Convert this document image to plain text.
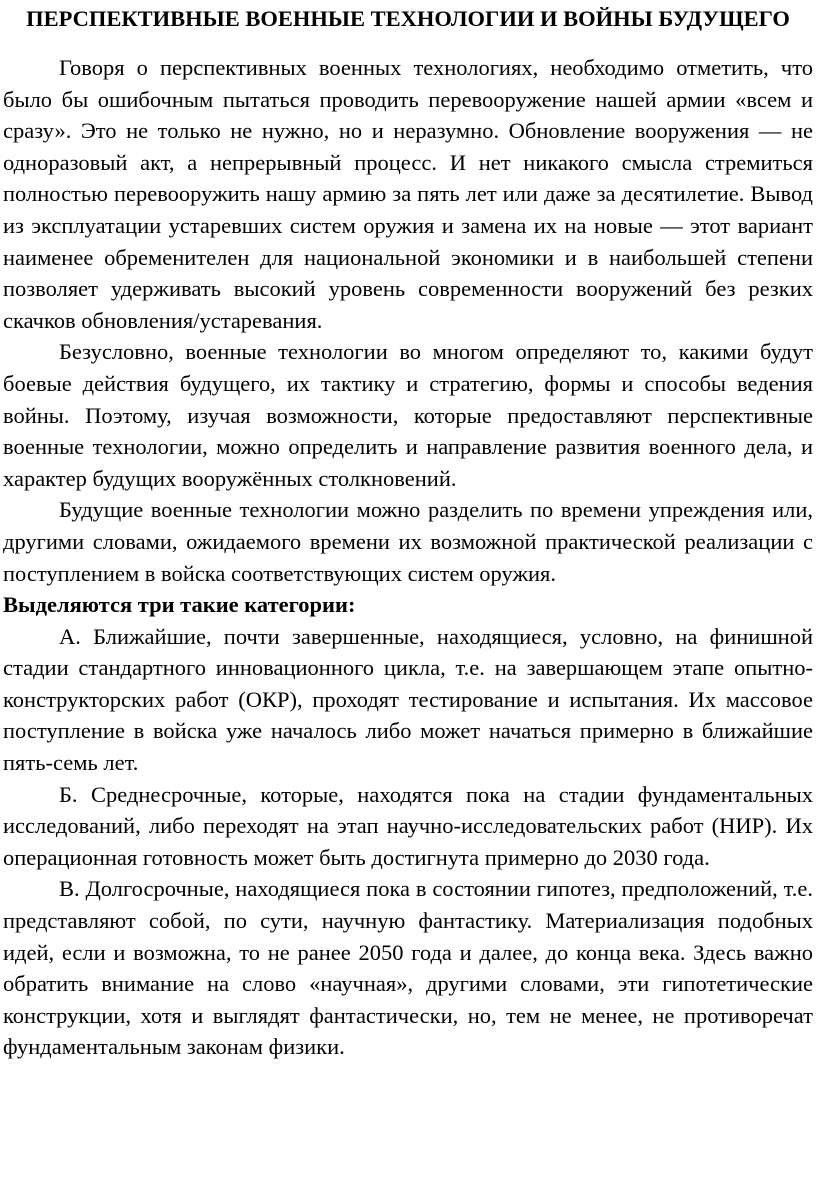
ПЕРСПЕКТИВНЫЕ ВОЕННЫЕ ТЕХНОЛОГИИ И ВОЙНЫ БУДУЩЕГО

Говоря о перспективных военных технологиях, необходимо отметить, что было бы ошибочным пытаться проводить перевооружение нашей армии «всем и сразу». Это не только не нужно, но и неразумно. Обновление вооружения — не одноразовый акт, а непрерывный процесс. И нет никакого смысла стремиться полностью перевооружить нашу армию за пять лет или даже за десятилетие. Вывод из эксплуатации устаревших систем оружия и замена их на новые — этот вариант наименее обременителен для национальной экономики и в наибольшей степени позволяет удерживать высокий уровень современности вооружений без резких скачков обновления/устаревания.

Безусловно, военные технологии во многом определяют то, какими будут боевые действия будущего, их тактику и стратегию, формы и способы ведения войны. Поэтому, изучая возможности, которые предоставляют перспективные военные технологии, можно определить и направление развития военного дела, и характер будущих вооружённых столкновений.

Будущие военные технологии можно разделить по времени упреждения или, другими словами, ожидаемого времени их возможной практической реализации с поступлением в войска соответствующих систем оружия.

Выделяются три такие категории:

А. Ближайшие, почти завершенные, находящиеся, условно, на финишной стадии стандартного инновационного цикла, т.е. на завершающем этапе опытно-конструкторских работ (ОКР), проходят тестирование и испытания. Их массовое поступление в войска уже началось либо может начаться примерно в ближайшие пять-семь лет.

Б. Среднесрочные, которые, находятся пока на стадии фундаментальных исследований, либо переходят на этап научно-исследовательских работ (НИР). Их операционная готовность может быть достигнута примерно до 2030 года.

В. Долгосрочные, находящиеся пока в состоянии гипотез, предположений, т.е. представляют собой, по сути, научную фантастику. Материализация подобных идей, если и возможна, то не ранее 2050 года и далее, до конца века. Здесь важно обратить внимание на слово «научная», другими словами, эти гипотетические конструкции, хотя и выглядят фантастически, но, тем не менее, не противоречат фундаментальным законам физики.
